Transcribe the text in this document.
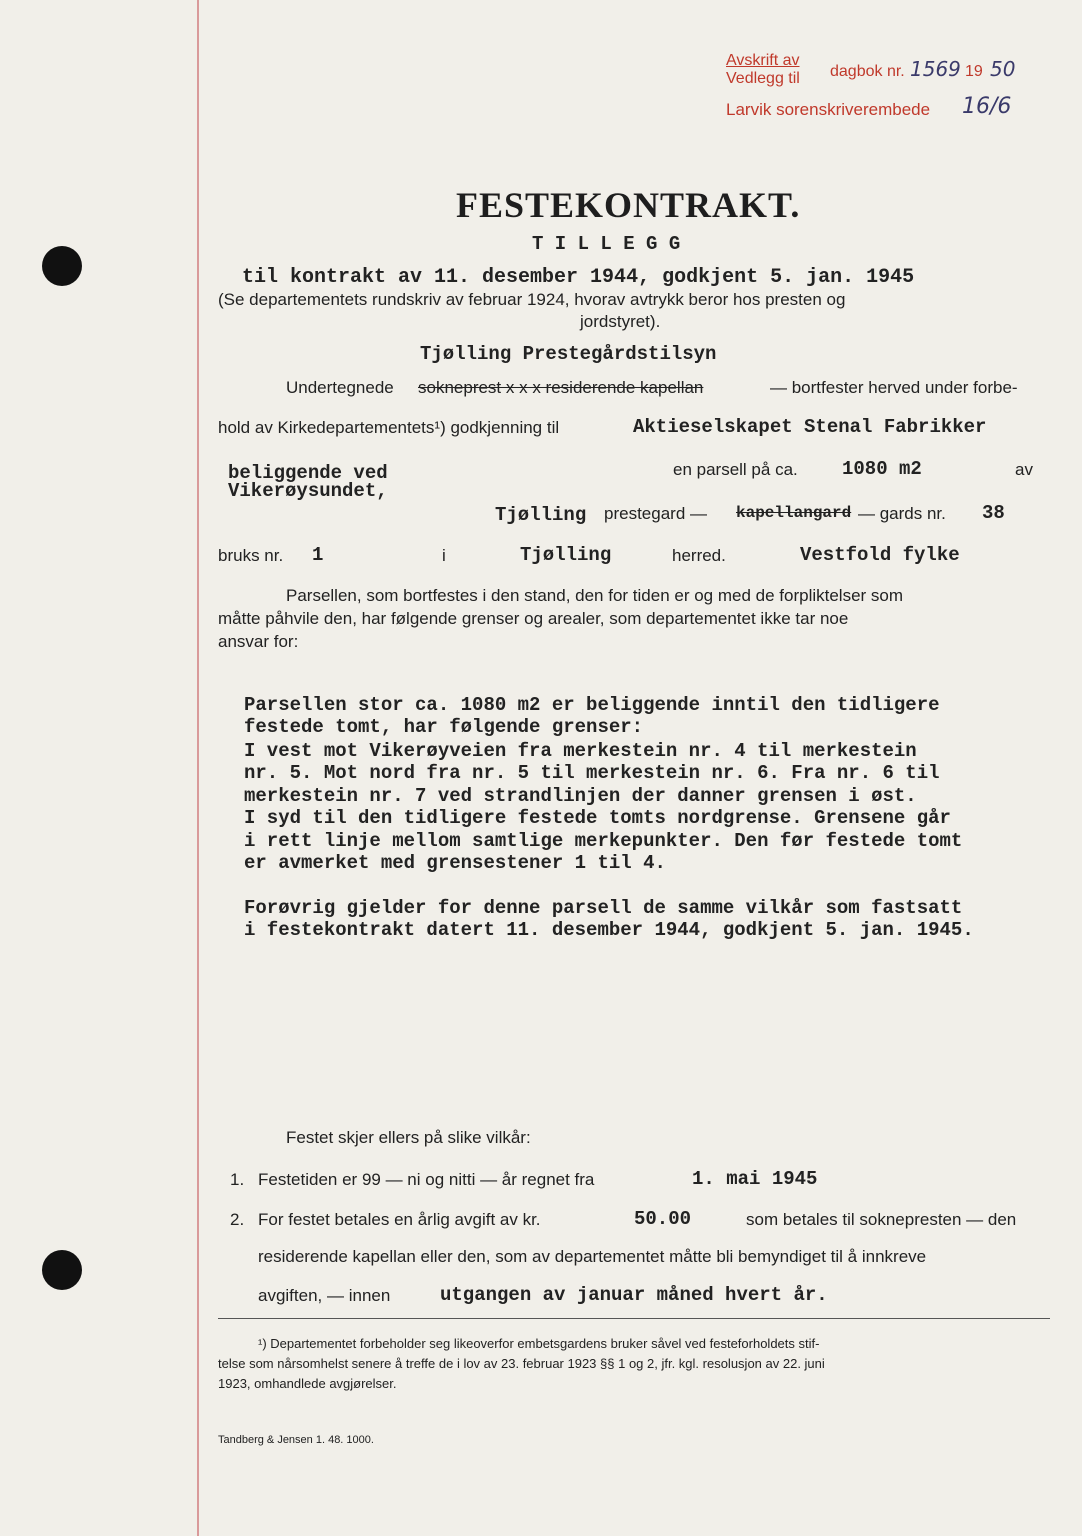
Avskrift av
Vedlegg til dagbok nr. 1569 19 50
Larvik sorenskriverembede 16/6
FESTEKONTRAKT.
T I L L E G G
til kontrakt av 11. desember 1944, godkjent 5. jan. 1945
(Se departementets rundskriv av februar 1924, hvorav avtrykk beror hos presten og
jordstyret).
Tjølling Prestegårdstilsyn
Undertegnede sokneprest x x x residerende kapellan	— bortfester herved under forbe-
hold av Kirkedepartementets¹) godkjenning til	Aktieselskapet Stenal Fabrikker
beliggende ved
Vikerøysundet,
en parsell på ca. 1080 m2	av
Tjølling prestegard — kapellangard — gards nr. 38
bruks nr. 1	i	Tjølling	herred.	Vestfold fylke
Parsellen, som bortfestes i den stand, den for tiden er og med de forpliktelser som
måtte påhvile den, har følgende grenser og arealer, som departementet ikke tar noe
ansvar for:
Parsellen stor ca. 1080 m2 er beliggende inntil den tidligere
festede tomt, har følgende grenser:
I vest mot Vikerøyveien fra merkestein nr. 4 til merkestein
nr. 5. Mot nord fra nr. 5 til merkestein nr. 6. Fra nr. 6 til
merkestein nr. 7 ved strandlinjen der danner grensen i øst.
I syd til den tidligere festede tomts nordgrense. Grensene går
i rett linje mellom samtlige merkepunkter. Den før festede tomt
er avmerket med grensestener 1 til 4.
Forøvrig gjelder for denne parsell de samme vilkår som fastsatt
i festekontrakt datert 11. desember 1944, godkjent 5. jan. 1945.
Festet skjer ellers på slike vilkår:
1. Festetiden er 99 — ni og nitti — år regnet fra	1. mai 1945
2. For festet betales en årlig avgift av kr.	50.00	som betales til soknepresten — den
residerende kapellan eller den, som av departementet måtte bli bemyndiget til å innkreve
avgiften, — innen	utgangen av januar måned hvert år.
¹) Departementet forbeholder seg likeoverfor embetsgardens bruker såvel ved festeforholdets stif-
telse som nårsomhelst senere å treffe de i lov av 23. februar 1923 §§ 1 og 2, jfr. kgl. resolusjon av 22. juni
1923, omhandlede avgjørelser.
Tandberg & Jensen 1. 48. 1000.
